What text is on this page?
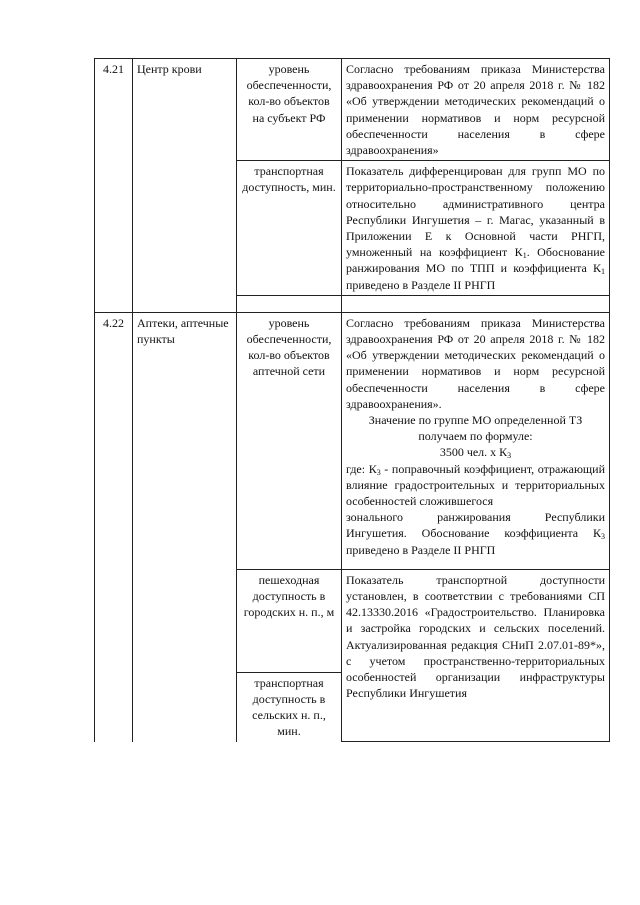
4.21	Центр крови	уровень обеспеченности, кол-во объектов на субъект РФ	Согласно требованиям приказа Министерства здравоохранения РФ от 20 апреля 2018 г. № 182 «Об утверждении методических рекомендаций о применении нормативов и норм ресурсной обеспеченности населения в сфере здравоохранения»
		транспортная доступность, мин.	Показатель дифференцирован для групп МО по территориально-пространственному положению относительно административного центра Республики Ингушетия – г. Магас, указанный в Приложении Е к Основной части РНГП, умноженный на коэффициент $К_1$. Обоснование ранжирования МО по ТПП и коэффициента $К_1$ приведено в Разделе II РНГП

4.22	Аптеки, аптечные пункты	уровень обеспеченности, кол-во объектов аптечной сети	Согласно требованиям приказа Министерства здравоохранения РФ от 20 апреля 2018 г. № 182 «Об утверждении методических рекомендаций о применении нормативов и норм ресурсной обеспеченности населения в сфере здравоохранения».
Значение по группе МО определенной ТЗ получаем по формуле:
3500 чел. х $К_3$
где: $К_3$ - поправочный коэффициент, отражающий влияние градостроительных и территориальных особенностей сложившегося
зонального ранжирования Республики Ингушетия. Обоснование коэффициента $К_3$ приведено в Разделе II РНГП

		пешеходная доступность в городских н. п., м	Показатель транспортной доступности установлен, в соответствии с требованиями СП 42.13330.2016 «Градостроительство. Планировка и застройка городских и сельских поселений. Актуализированная редакция СНиП 2.07.01-89*», с учетом пространственно-территориальных особенностей организации инфраструктуры Республики Ингушетия
		транспортная доступность в сельских н. п., мин.	
